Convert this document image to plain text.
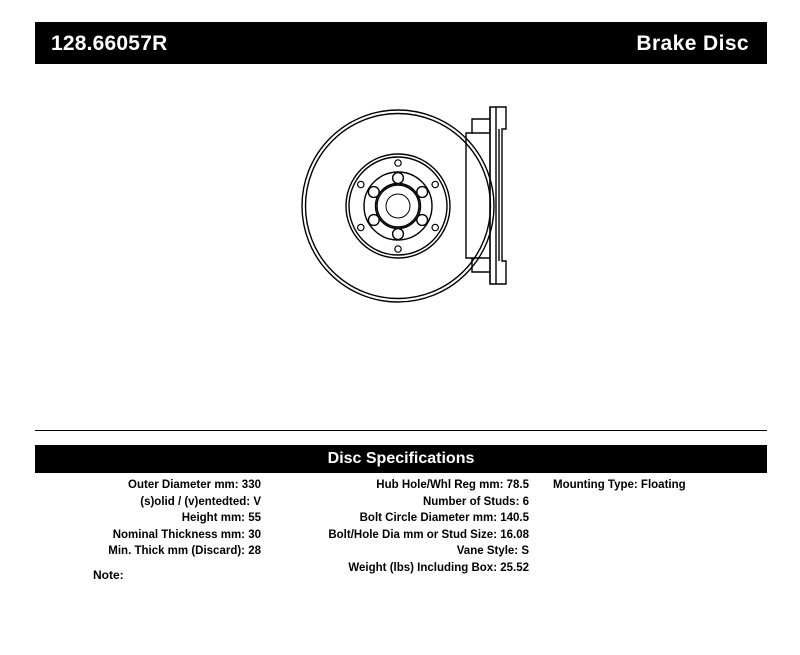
128.66057R	Brake Disc
Disc Specifications
Outer Diameter mm: 330
(s)olid / (v)entedted: V
Height mm: 55
Nominal Thickness mm: 30
Min. Thick mm (Discard): 28
Hub Hole/Whl Reg mm: 78.5
Number of Studs: 6
Bolt Circle Diameter mm: 140.5
Bolt/Hole Dia mm or Stud Size: 16.08
Vane Style: S
Weight (lbs) Including Box: 25.52
Mounting Type: Floating
Note:
